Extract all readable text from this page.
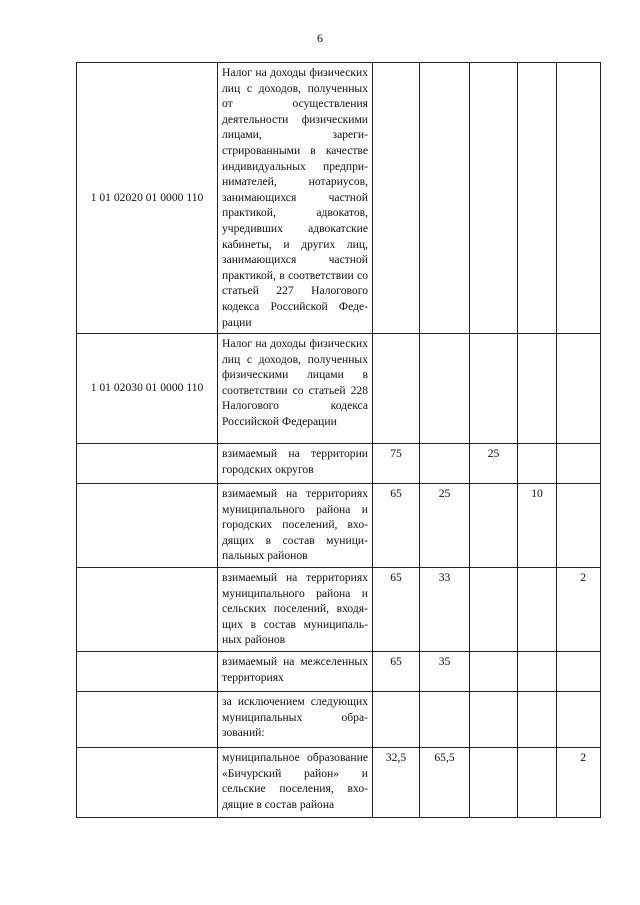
6
1 01 02020 01 0000 110	Налог на доходы физических лиц с доходов, полученных от осуществления деятельности физическими лицами, зарегистрированными в качестве индивидуальных предпринимателей, нотариусов, занимающихся частной практикой, адвокатов, учредивших адвокатские кабинеты, и других лиц, занимающихся частной практикой, в соответствии со статьей 227 Налогового кодекса Российской Федерации					
1 01 02030 01 0000 110	Налог на доходы физических лиц с доходов, полученных физическими лицами в соответствии со статьей 228 Налогового кодекса Российской Федерации					
	взимаемый на территории городских округов	75		25		
	взимаемый на территориях муниципального района и городских поселений, входящих в состав муниципальных районов	65	25		10	
	взимаемый на территориях муниципального района и сельских поселений, входящих в состав муниципальных районов	65	33			2
	взимаемый на межселенных территориях	65	35			
	за исключением следующих муниципальных образований:					
	муниципальное образование «Бичурский район» и сельские поселения, входящие в состав района	32,5	65,5			2
